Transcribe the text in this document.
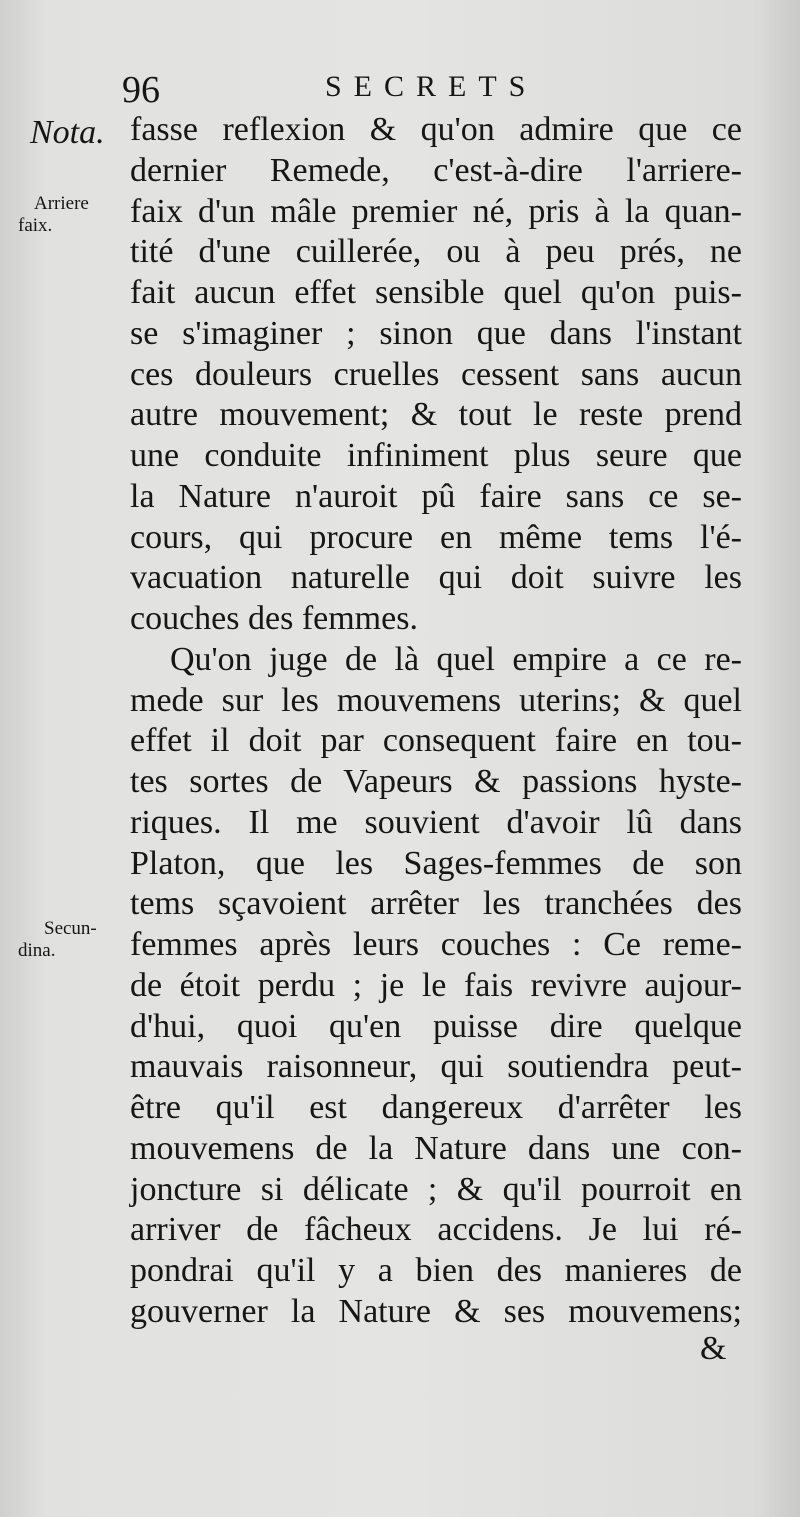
96	SECRETS
Nota.
Arriere
faix.
Secun-
dina.
fasse reflexion & qu'on admire que ce
dernier Remede, c'est-à-dire l'arriere-
faix d'un mâle premier né, pris à la quan-
tité d'une cuillerée, ou à peu prés, ne
fait aucun effet sensible quel qu'on puis-
se s'imaginer ; sinon que dans l'instant
ces douleurs cruelles cessent sans aucun
autre mouvement; & tout le reste prend
une conduite infiniment plus seure que
la Nature n'auroit pû faire sans ce se-
cours, qui procure en même tems l'é-
vacuation naturelle qui doit suivre les
couches des femmes.
Qu'on juge de là quel empire a ce re-
mede sur les mouvemens uterins; & quel
effet il doit par consequent faire en tou-
tes sortes de Vapeurs & passions hyste-
riques. Il me souvient d'avoir lû dans
Platon, que les Sages-femmes de son
tems sçavoient arrêter les tranchées des
femmes après leurs couches : Ce reme-
de étoit perdu ; je le fais revivre aujour-
d'hui, quoi qu'en puisse dire quelque
mauvais raisonneur, qui soutiendra peut-
être qu'il est dangereux d'arrêter les
mouvemens de la Nature dans une con-
joncture si délicate ; & qu'il pourroit en
arriver de fâcheux accidens. Je lui ré-
pondrai qu'il y a bien des manieres de
gouverner la Nature & ses mouvemens;
&
